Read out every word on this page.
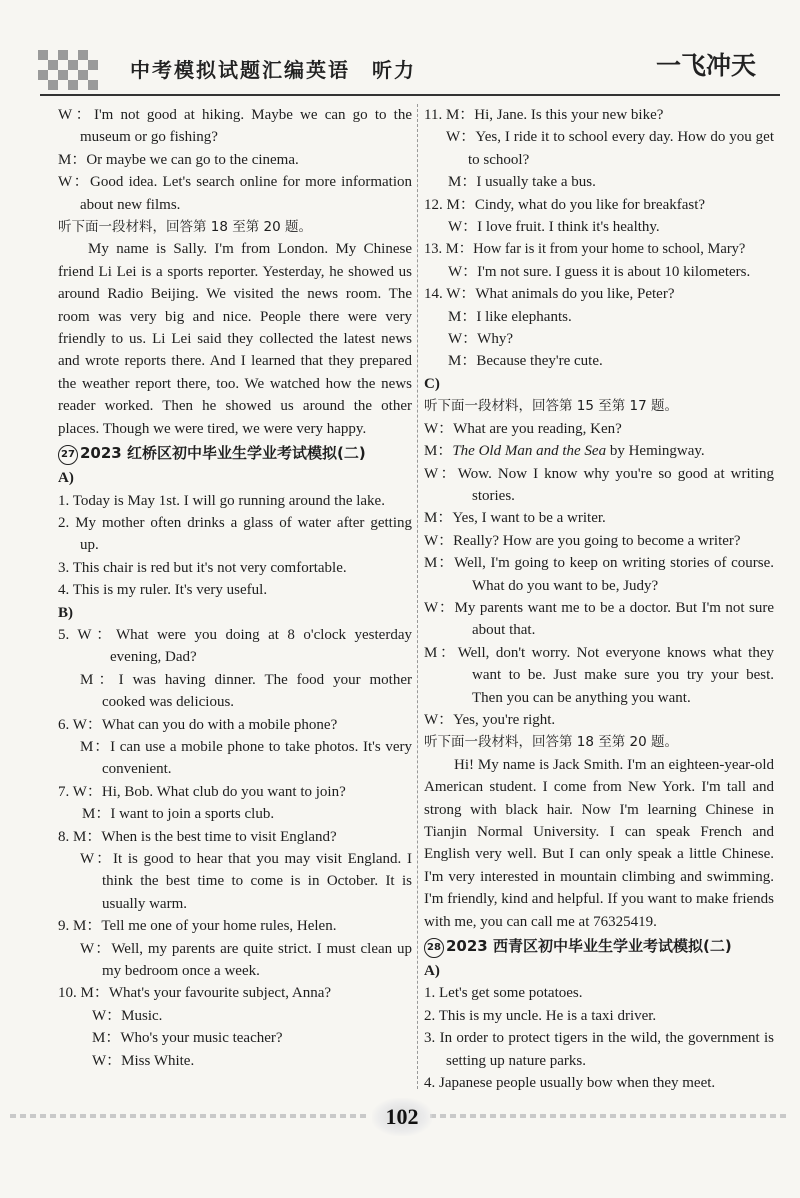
中考模拟试题汇编英语 听力	一飞冲天
W：I'm not good at hiking. Maybe we can go to the museum or go fishing?
M：Or maybe we can go to the cinema.
W：Good idea. Let's search online for more information about new films.
听下面一段材料，回答第 18 至第 20 题。
My name is Sally. I'm from London. My Chinese friend Li Lei is a sports reporter. Yesterday, he showed us around Radio Beijing. We visited the news room. The room was very big and nice. People there were very friendly to us. Li Lei said they collected the latest news and wrote reports there. And I learned that they prepared the weather report there, too. We watched how the news reader worked. Then he showed us around the other places. Though we were tired, we were very happy.
27 2023 红桥区初中毕业生学业考试模拟(二)
A)
1. Today is May 1st. I will go running around the lake.
2. My mother often drinks a glass of water after getting up.
3. This chair is red but it's not very comfortable.
4. This is my ruler. It's very useful.
B)
5. W：What were you doing at 8 o'clock yesterday evening, Dad?
M：I was having dinner. The food your mother cooked was delicious.
6. W：What can you do with a mobile phone?
M：I can use a mobile phone to take photos. It's very convenient.
7. W：Hi, Bob. What club do you want to join?
M：I want to join a sports club.
8. M：When is the best time to visit England?
W：It is good to hear that you may visit England. I think the best time to come is in October. It is usually warm.
9. M：Tell me one of your home rules, Helen.
W：Well, my parents are quite strict. I must clean up my bedroom once a week.
10. M：What's your favourite subject, Anna?
W：Music.
M：Who's your music teacher?
W：Miss White.
11. M：Hi, Jane. Is this your new bike?
W：Yes, I ride it to school every day. How do you get to school?
M：I usually take a bus.
12. M：Cindy, what do you like for breakfast?
W：I love fruit. I think it's healthy.
13. M：How far is it from your home to school, Mary?
W：I'm not sure. I guess it is about 10 kilometers.
14. W：What animals do you like, Peter?
M：I like elephants.
W：Why?
M：Because they're cute.
C)
听下面一段材料，回答第 15 至第 17 题。
W：What are you reading, Ken?
M：The Old Man and the Sea by Hemingway.
W：Wow. Now I know why you're so good at writing stories.
M：Yes, I want to be a writer.
W：Really? How are you going to become a writer?
M：Well, I'm going to keep on writing stories of course. What do you want to be, Judy?
W：My parents want me to be a doctor. But I'm not sure about that.
M：Well, don't worry. Not everyone knows what they want to be. Just make sure you try your best. Then you can be anything you want.
W：Yes, you're right.
听下面一段材料，回答第 18 至第 20 题。
Hi! My name is Jack Smith. I'm an eighteen-year-old American student. I come from New York. I'm tall and strong with black hair. Now I'm learning Chinese in Tianjin Normal University. I can speak French and English very well. But I can only speak a little Chinese. I'm very interested in mountain climbing and swimming. I'm friendly, kind and helpful. If you want to make friends with me, you can call me at 76325419.
28 2023 西青区初中毕业生学业考试模拟(二)
A)
1. Let's get some potatoes.
2. This is my uncle. He is a taxi driver.
3. In order to protect tigers in the wild, the government is setting up nature parks.
4. Japanese people usually bow when they meet.
102
